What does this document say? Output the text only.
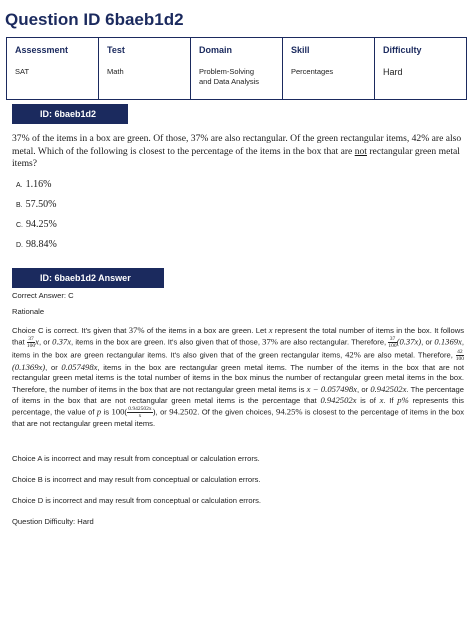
Question ID 6baeb1d2
Assessment
SAT
Test
Math
Domain
Problem-Solving
and Data Analysis
Skill
Percentages
Difficulty
Hard
ID: 6baeb1d2
37% of the items in a box are green. Of those, 37% are also rectangular. Of the green rectangular items, 42% are also metal. Which of the following is closest to the percentage of the items in the box that are not rectangular green metal items?
A. 1.16%
B. 57.50%
C. 94.25%
D. 98.84%
ID: 6baeb1d2 Answer
Correct Answer: C
Rationale
Choice C is correct. It's given that 37% of the items in a box are green. Let x represent the total number of items in the box. It follows that $\frac{37}{100} x$, or 0.37x, items in the box are green. It's also given that of those, 37% are also rectangular. Therefore, $\frac{37}{100} (0.37x)$, or 0.1369x, items in the box are green rectangular items. It's also given that of the green rectangular items, 42% are also metal. Therefore, $\frac{42}{100}$
(0.1369x), or 0.057498x, items in the box are rectangular green metal items. The number of the items in the box that are not rectangular green metal items is the total number of items in the box minus the number of rectangular green metal items in the box. Therefore, the number of items in the box that are not rectangular green metal items is x − 0.057498x, or 0.942502x. The percentage of items in the box that are not rectangular green metal items is the percentage that 0.942502x is of x. If p% represents this percentage, the value of p is $100( \frac{0.942502x}{x}$ ), or 94.2502. Of the given choices, 94.25% is closest to the percentage of items in the box that are not rectangular green metal items.
Choice A is incorrect and may result from conceptual or calculation errors.
Choice B is incorrect and may result from conceptual or calculation errors.
Choice D is incorrect and may result from conceptual or calculation errors.
Question Difficulty: Hard
